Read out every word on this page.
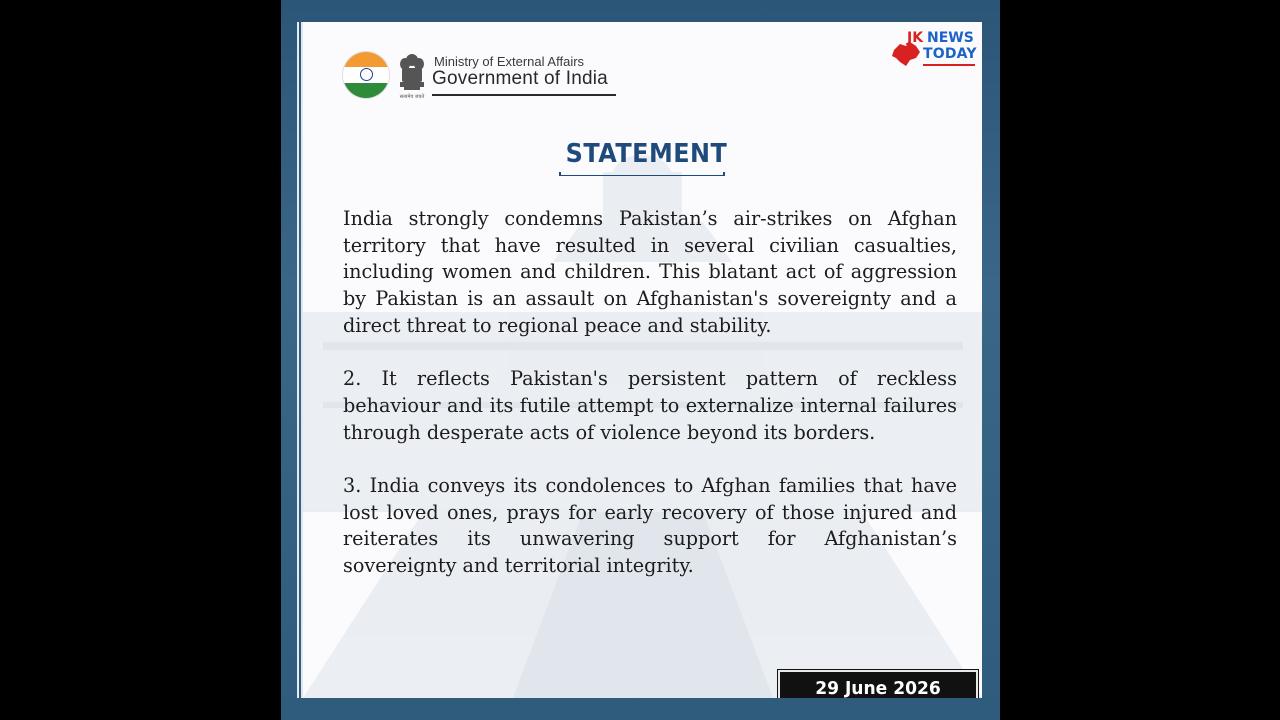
सत्यमेव जयते
Ministry of External Affairs
Government of India
STATEMENT

India strongly condemns Pakistan’s air-strikes on Afghan territory that have resulted in several civilian casualties, including women and children. This blatant act of aggression by Pakistan is an assault on Afghanistan's sovereignty and a direct threat to regional peace and stability.

2. It reflects Pakistan's persistent pattern of reckless behaviour and its futile attempt to externalize internal failures through desperate acts of violence beyond its borders.

3. India conveys its condolences to Afghan families that have lost loved ones, prays for early recovery of those injured and reiterates its unwavering support for Afghanistan’s sovereignty and territorial integrity.

29 June 2026
JK NEWS
TODAY
